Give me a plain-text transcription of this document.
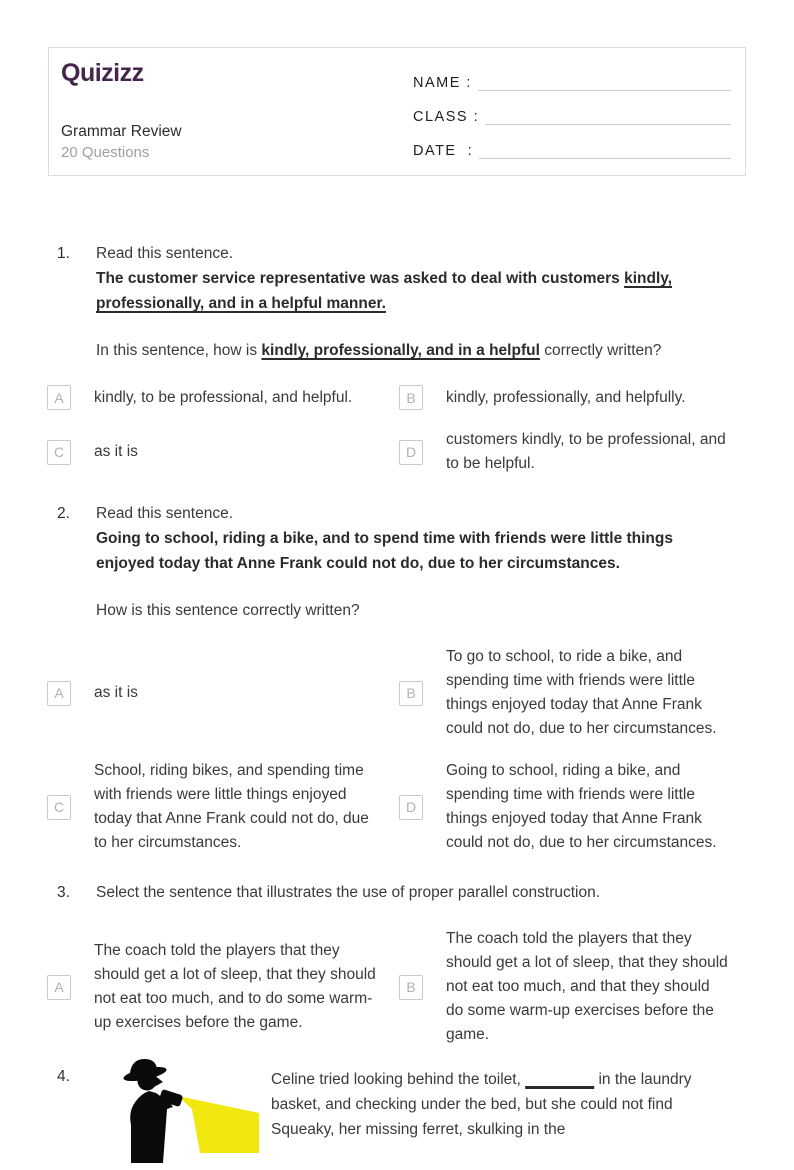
Quizizz
Grammar Review
20 Questions
NAME :
CLASS :
DATE  :
1. Read this sentence.
The customer service representative was asked to deal with customers kindly, professionally, and in a helpful manner.
In this sentence, how is kindly, professionally, and in a helpful correctly written?
A	kindly, to be professional, and helpful.	B	kindly, professionally, and helpfully.
C	as it is	D
customers kindly, to be professional, and to be helpful.
2. Read this sentence.
Going to school, riding a bike, and to spend time with friends were little things enjoyed today that Anne Frank could not do, due to her circumstances.
How is this sentence correctly written?
A	as it is	B
To go to school, to ride a bike, and spending time with friends were little things enjoyed today that Anne Frank could not do, due to her circumstances.
C
School, riding bikes, and spending time with friends were little things enjoyed today that Anne Frank could not do, due to her circumstances.
D
Going to school, riding a bike, and spending time with friends were little things enjoyed today that Anne Frank could not do, due to her circumstances.
3. Select the sentence that illustrates the use of proper parallel construction.
A
The coach told the players that they should get a lot of sleep, that they should not eat too much, and to do some warm-up exercises before the game.
B
The coach told the players that they should get a lot of sleep, that they should not eat too much, and that they should do some warm-up exercises before the game.
4.	Celine tried looking behind the toilet, ________ in the laundry basket, and checking under the bed, but she could not find Squeaky, her missing ferret, skulking in the
